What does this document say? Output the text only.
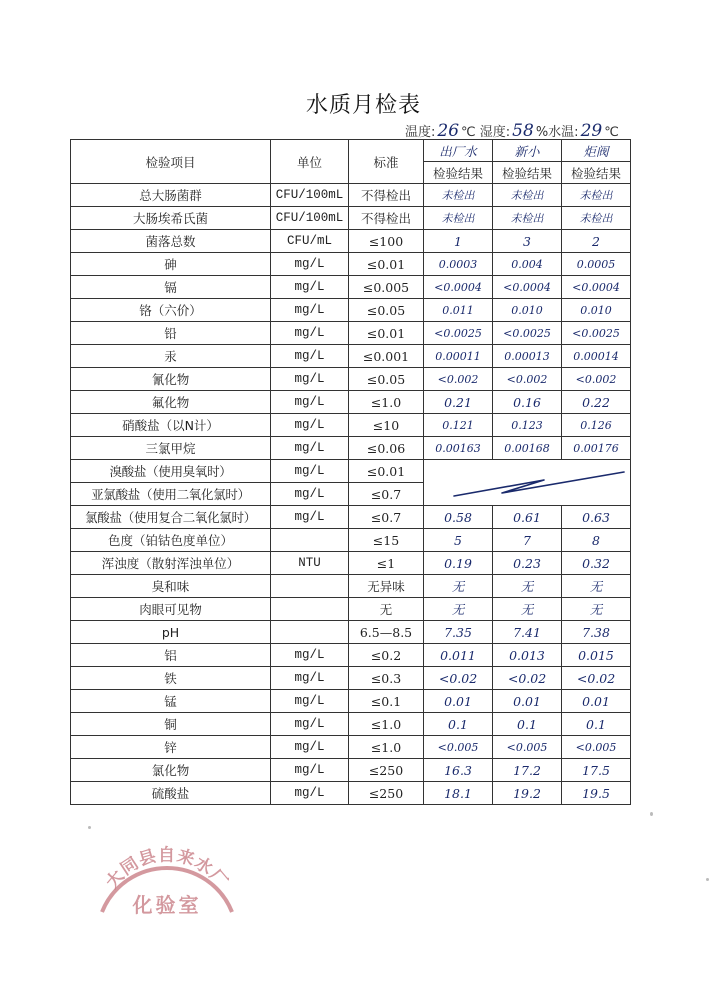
水质月检表
温度: 26 ℃ 湿度: 58 %水温: 29 ℃
检验项目	单位	标准	出厂水	新小	炬阀
			检验结果	检验结果	检验结果
总大肠菌群	CFU/100mL	不得检出	未检出	未检出	未检出
大肠埃希氏菌	CFU/100mL	不得检出	未检出	未检出	未检出
菌落总数	CFU/mL	≤100	1	3	2
砷	mg/L	≤0.01	0.0003	0.004	0.0005
镉	mg/L	≤0.005	<0.0004	<0.0004	<0.0004
铬（六价）	mg/L	≤0.05	0.011	0.010	0.010
铅	mg/L	≤0.01	<0.0025	<0.0025	<0.0025
汞	mg/L	≤0.001	0.00011	0.00013	0.00014
氰化物	mg/L	≤0.05	<0.002	<0.002	<0.002
氟化物	mg/L	≤1.0	0.21	0.16	0.22
硝酸盐（以N计）	mg/L	≤10	0.121	0.123	0.126
三氯甲烷	mg/L	≤0.06	0.00163	0.00168	0.00176
溴酸盐（使用臭氧时）	mg/L	≤0.01	

亚氯酸盐（使用二氧化氯时）	mg/L	≤0.7			
氯酸盐（使用复合二氧化氯时）	mg/L	≤0.7	0.58	0.61	0.63
色度（铂钴色度单位）		≤15	5	7	8
浑浊度（散射浑浊单位）	NTU	≤1	0.19	0.23	0.32
臭和味		无异味	无	无	无
肉眼可见物		无	无	无	无
pH		6.5—8.5	7.35	7.41	7.38
铝	mg/L	≤0.2	0.011	0.013	0.015
铁	mg/L	≤0.3	<0.02	<0.02	<0.02
锰	mg/L	≤0.1	0.01	0.01	0.01
铜	mg/L	≤1.0	0.1	0.1	0.1
锌	mg/L	≤1.0	<0.005	<0.005	<0.005
氯化物	mg/L	≤250	16.3	17.2	17.5
硫酸盐	mg/L	≤250	18.1	19.2	19.5
大同县自来水厂
化验室
